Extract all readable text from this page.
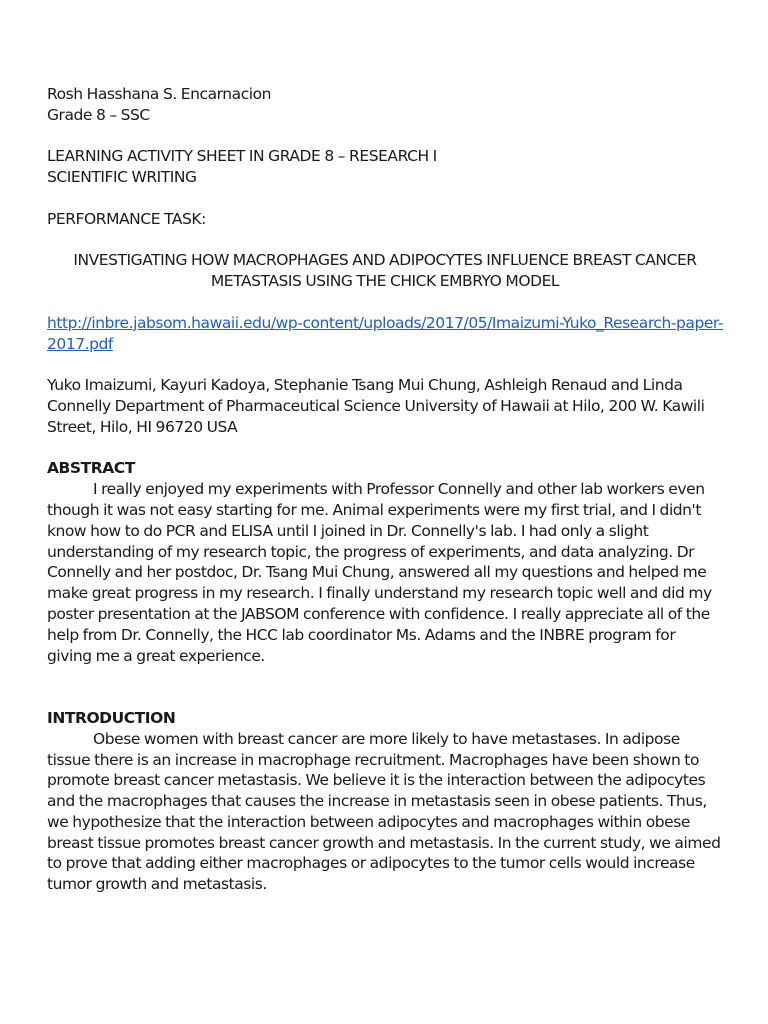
Rosh Hasshana S. Encarnacion
Grade 8 – SSC
LEARNING ACTIVITY SHEET IN GRADE 8 – RESEARCH I
SCIENTIFIC WRITING
PERFORMANCE TASK:
INVESTIGATING HOW MACROPHAGES AND ADIPOCYTES INFLUENCE BREAST CANCER
METASTASIS USING THE CHICK EMBRYO MODEL
http://inbre.jabsom.hawaii.edu/wp-content/uploads/2017/05/Imaizumi-Yuko_Research-paper-2017.pdf

Yuko Imaizumi, Kayuri Kadoya, Stephanie Tsang Mui Chung, Ashleigh Renaud and Linda Connelly Department of Pharmaceutical Science University of Hawaii at Hilo, 200 W. Kawili Street, Hilo, HI 96720 USA

ABSTRACT

I really enjoyed my experiments with Professor Connelly and other lab workers even though it was not easy starting for me. Animal experiments were my first trial, and I didn't know how to do PCR and ELISA until I joined in Dr. Connelly's lab. I had only a slight understanding of my research topic, the progress of experiments, and data analyzing. Dr Connelly and her postdoc, Dr. Tsang Mui Chung, answered all my questions and helped me make great progress in my research. I finally understand my research topic well and did my poster presentation at the JABSOM conference with confidence. I really appreciate all of the help from Dr. Connelly, the HCC lab coordinator Ms. Adams and the INBRE program for giving me a great experience.

INTRODUCTION

Obese women with breast cancer are more likely to have metastases. In adipose tissue there is an increase in macrophage recruitment. Macrophages have been shown to promote breast cancer metastasis. We believe it is the interaction between the adipocytes and the macrophages that causes the increase in metastasis seen in obese patients. Thus, we hypothesize that the interaction between adipocytes and macrophages within obese breast tissue promotes breast cancer growth and metastasis. In the current study, we aimed to prove that adding either macrophages or adipocytes to the tumor cells would increase tumor growth and metastasis.
